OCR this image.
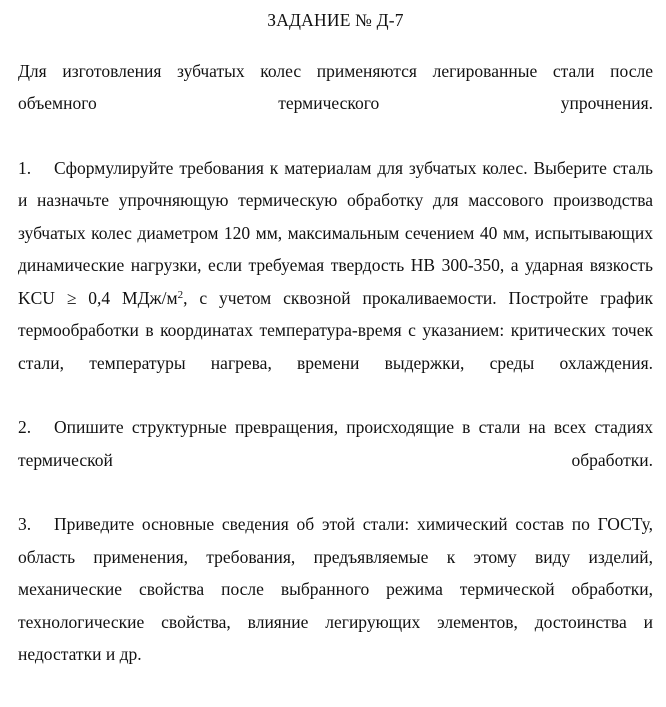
ЗАДАНИЕ № Д-7

Для изготовления зубчатых колес применяются легированные стали после объемного термического упрочнения.

1. Сформулируйте требования к материалам для зубчатых колес. Выберите сталь и назначьте упрочняющую термическую обработку для массового производства зубчатых колес диаметром 120 мм, максимальным сечением 40 мм, испытывающих динамические нагрузки, если требуемая твердость НВ 300-350, а ударная вязкость KCU ≥ 0,4 МДж/$м^2$, с учетом сквозной прокаливаемости. Постройте график термообработки в координатах температура-время с указанием: критических точек стали, температуры нагрева, времени выдержки, среды охлаждения.

2. Опишите структурные превращения, происходящие в стали на всех стадиях термической обработки.

3. Приведите основные сведения об этой стали: химический состав по ГОСТу, область применения, требования, предъявляемые к этому виду изделий, механические свойства после выбранного режима термической обработки, технологические свойства, влияние легирующих элементов, достоинства и недостатки и др.
